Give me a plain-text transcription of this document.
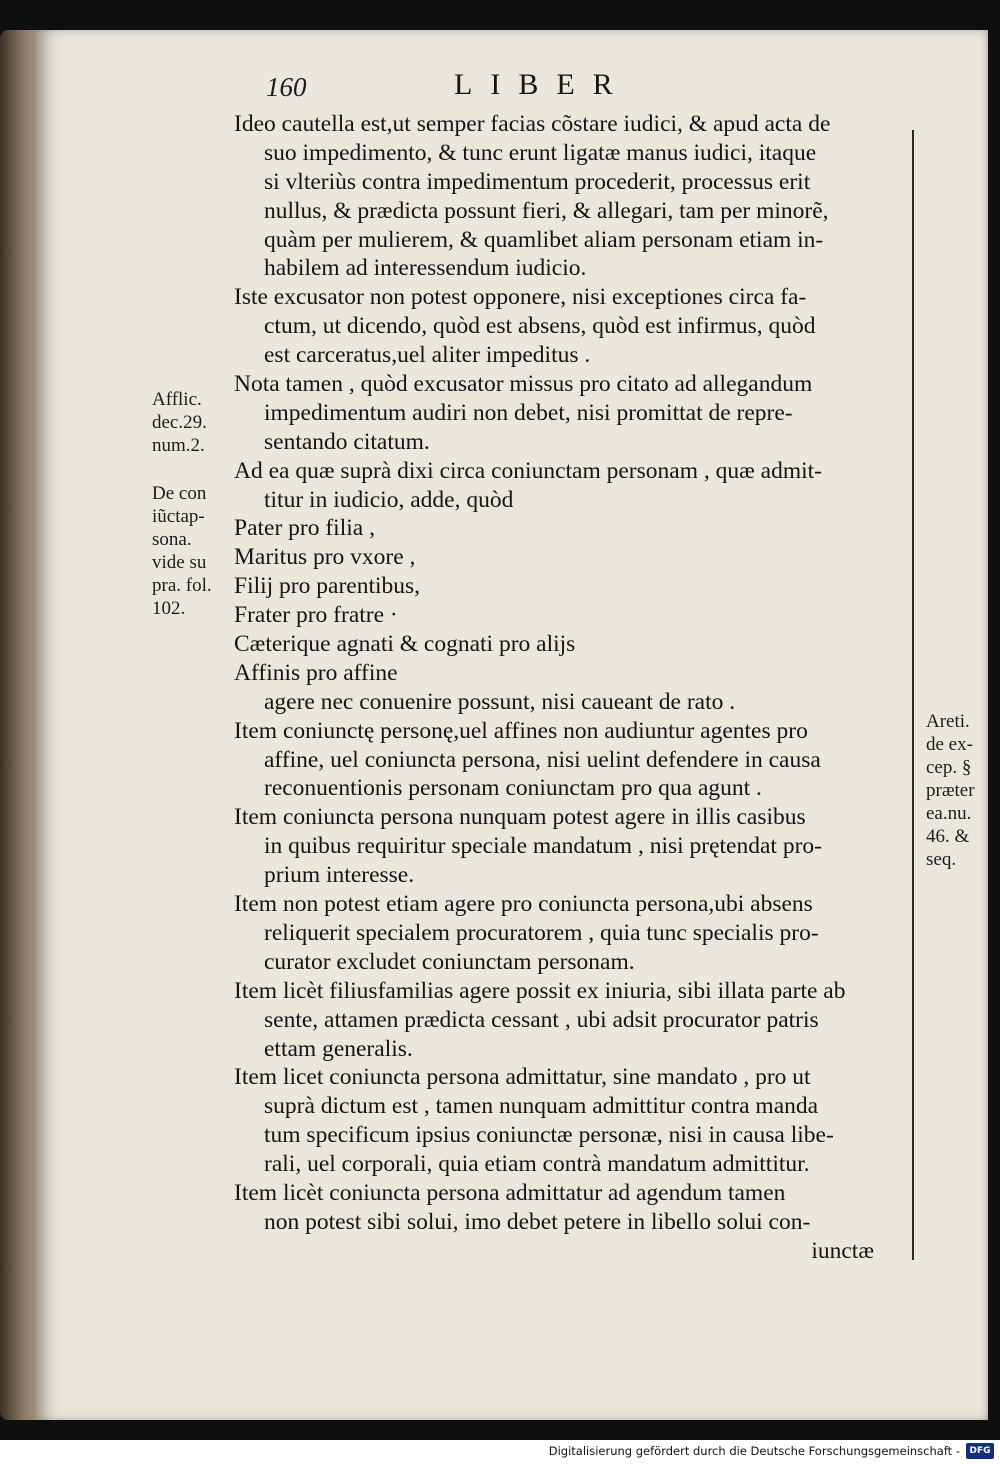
160	LIBER
Ideo cautella est,ut semper facias cõstare iudici, & apud acta de
suo impedimento, & tunc erunt ligatæ manus iudici, itaque
si vlteriùs contra impedimentum procederit, processus erit
nullus, & prædicta possunt fieri, & allegari, tam per minorẽ,
quàm per mulierem, & quamlibet aliam personam etiam in-
habilem ad interessendum iudicio.
Iste excusator non potest opponere, nisi exceptiones circa fa-
ctum, ut dicendo, quòd est absens, quòd est infirmus, quòd
est carceratus,uel aliter impeditus .
Nota tamen , quòd excusator missus pro citato ad allegandum
impedimentum audiri non debet, nisi promittat de repre-
sentando citatum.
Ad ea quæ suprà dixi circa coniunctam personam , quæ admit-
titur in iudicio, adde, quòd
Pater pro filia ,
Maritus pro vxore ,
Filij pro parentibus,
Frater pro fratre ·
Cæterique agnati & cognati pro alijs
Affinis pro affine
agere nec conuenire possunt, nisi caueant de rato .
Item coniunctę personę,uel affines non audiuntur agentes pro
affine, uel coniuncta persona, nisi uelint defendere in causa
reconuentionis personam coniunctam pro qua agunt .
Item coniuncta persona nunquam potest agere in illis casibus
in quibus requiritur speciale mandatum , nisi prętendat pro-
prium interesse.
Item non potest etiam agere pro coniuncta persona,ubi absens
reliquerit specialem procuratorem , quia tunc specialis pro-
curator excludet coniunctam personam.
Item licèt filiusfamilias agere possit ex iniuria, sibi illata parte ab
sente, attamen prædicta cessant , ubi adsit procurator patris
ettam generalis.
Item licet coniuncta persona admittatur, sine mandato , pro ut
suprà dictum est , tamen nunquam admittitur contra manda
tum specificum ipsius coniunctæ personæ, nisi in causa libe-
rali, uel corporali, quia etiam contrà mandatum admittitur.
Item licèt coniuncta persona admittatur ad agendum tamen
non potest sibi solui, imo debet petere in libello solui con-
iunctæ
Afflic.
dec.29.
num.2.
De con
iũctap-
sona.
vide su
pra. fol.
102.
Areti.
de ex-
cep. §
præter
ea.nu.
46. &
seq.
Digitalisierung gefördert durch die Deutsche Forschungsgemeinschaft -	DFG
